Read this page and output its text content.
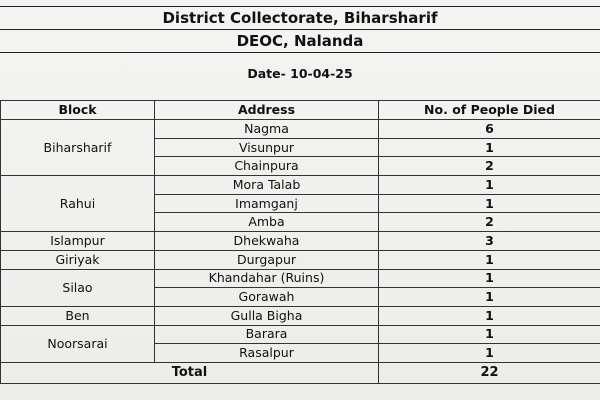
District Collectorate, Biharsharif
DEOC, Nalanda
Date- 10-04-25
Block	Address	No. of People Died
Biharsharif	Nagma	6
	Visunpur	1
	Chainpura	2
Rahui	Mora Talab	1
	Imamganj	1
	Amba	2
Islampur	Dhekwaha	3
Giriyak	Durgapur	1
Silao	Khandahar (Ruins)	1
	Gorawah	1
Ben	Gulla Bigha	1
Noorsarai	Barara	1
	Rasalpur	1
Total		22
